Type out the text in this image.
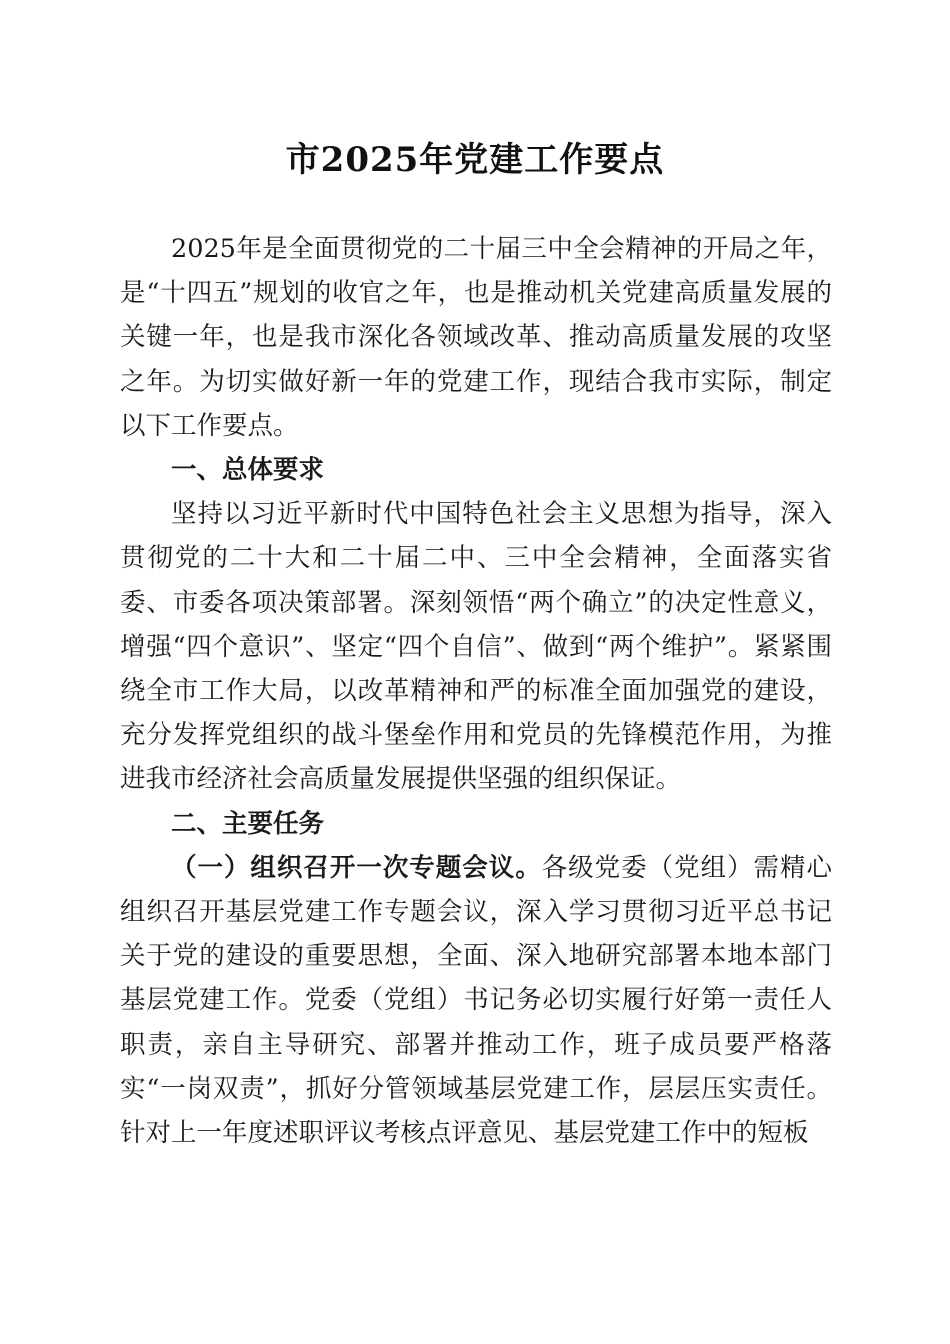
市2025年党建工作要点

2025年是全面贯彻党的二十届三中全会精神的开局之年，是“十四五”规划的收官之年，也是推动机关党建高质量发展的关键一年，也是我市深化各领域改革、推动高质量发展的攻坚之年。为切实做好新一年的党建工作，现结合我市实际，制定以下工作要点。

一、总体要求

坚持以习近平新时代中国特色社会主义思想为指导，深入贯彻党的二十大和二十届二中、三中全会精神，全面落实省委、市委各项决策部署。深刻领悟“两个确立”的决定性意义，增强“四个意识”、坚定“四个自信”、做到“两个维护”。紧紧围绕全市工作大局，以改革精神和严的标准全面加强党的建设，充分发挥党组织的战斗堡垒作用和党员的先锋模范作用，为推进我市经济社会高质量发展提供坚强的组织保证。

二、主要任务

（一）组织召开一次专题会议。各级党委（党组）需精心组织召开基层党建工作专题会议，深入学习贯彻习近平总书记关于党的建设的重要思想，全面、深入地研究部署本地本部门基层党建工作。党委（党组）书记务必切实履行好第一责任人职责，亲自主导研究、部署并推动工作，班子成员要严格落实“一岗双责”，抓好分管领域基层党建工作，层层压实责任。针对上一年度述职评议考核点评意见、基层党建工作中的短板
